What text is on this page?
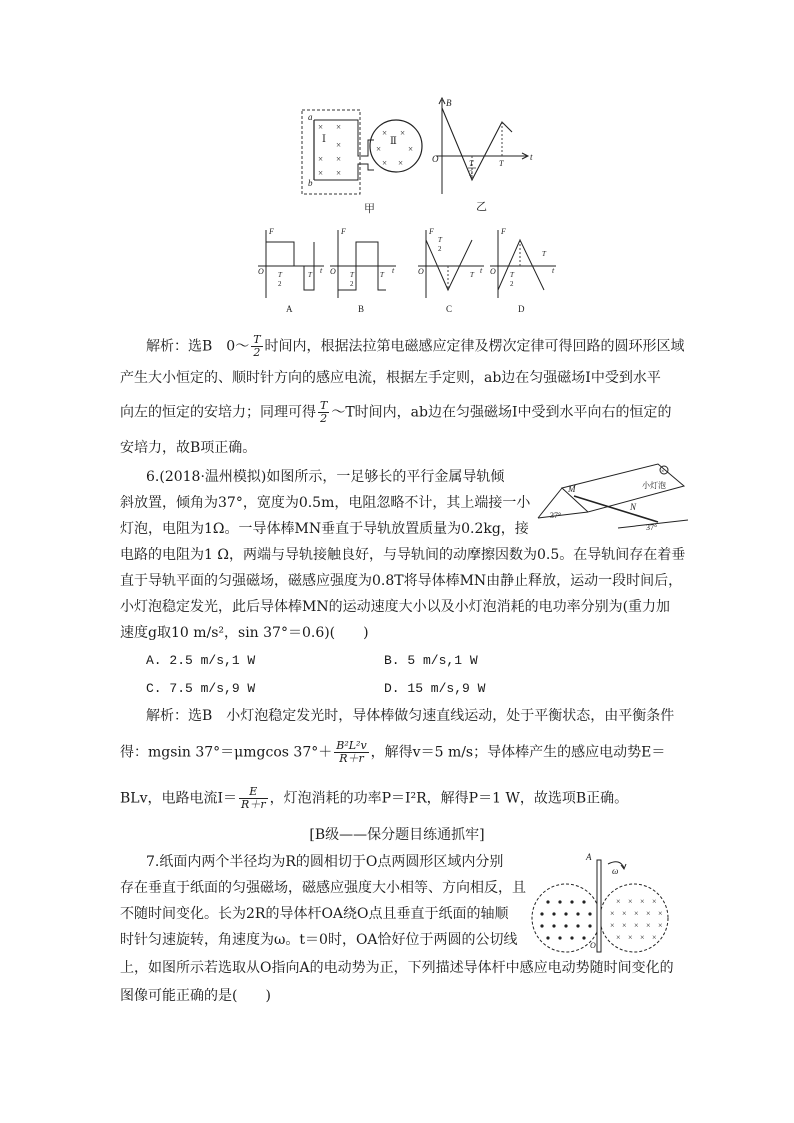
a
b
Ⅰ	Ⅱ
× ×
×
× ×
× ×
× ×
×	×
× ×
甲
B
t
O	T
2
T
乙
F
t
O T
2
T
A
F
t
O T
2
T
B
F
t
O
T
2
T
C
F
t
O T
2
T
D
解析：选B　0～ $\frac{T}{2}$ 时间内，根据法拉第电磁感应定律及楞次定律可得回路的圆环形区域
产生大小恒定的、顺时针方向的感应电流，根据左手定则，ab边在匀强磁场Ⅰ中受到水平
向左的恒定的安培力；同理可得 $\frac{T}{2}$ ～T时间内，ab边在匀强磁场Ⅰ中受到水平向右的恒定的
安培力，故B项正确。
6.(2018·温州模拟)如图所示，一足够长的平行金属导轨倾
斜放置，倾角为37°，宽度为0.5m，电阻忽略不计，其上端接一小
灯泡，电阻为1Ω。一导体棒MN垂直于导轨放置质量为0.2kg，接
电路的电阻为1 Ω，两端与导轨接触良好，与导轨间的动摩擦因数为0.5。在导轨间存在着垂
直于导轨平面的匀强磁场，磁感应强度为0.8T将导体棒MN由静止释放，运动一段时间后，
小灯泡稳定发光，此后导体棒MN的运动速度大小以及小灯泡消耗的电功率分别为(重力加
速度g取10 m/s²，sin 37°＝0.6)(　　)
×
小灯泡
M
N
37°
37°
A. 2.5 m/s,1 W	B. 5 m/s,1 W
C. 7.5 m/s,9 W	D. 15 m/s,9 W
解析：选B　小灯泡稳定发光时，导体棒做匀速直线运动，处于平衡状态，由平衡条件
得：mgsin 37°＝μmgcos $37^\circ+ \frac{\text{B²L²v}}{R+r}$ ，解得v＝5 m/s；导体棒产生的感应电动势E＝
BLv，电路电流$I= \frac{E}{R+r}$ ，灯泡消耗的功率P＝I²R，解得P＝1 W，故选项B正确。
[B级——保分题目练通抓牢]
7.纸面内两个半径均为R的圆相切于O点两圆形区域内分别
存在垂直于纸面的匀强磁场，磁感应强度大小相等、方向相反，且
不随时间变化。长为2R的导体杆OA绕O点且垂直于纸面的轴顺
时针匀速旋转，角速度为ω。t＝0时，OA恰好位于两圆的公切线
上，如图所示若选取从O指向A的电动势为正，下列描述导体杆中感应电动势随时间变化的
图像可能正确的是(　　)
× × × ×
× × × × ×
× × × × ×
× × × ×
A
ω
O
